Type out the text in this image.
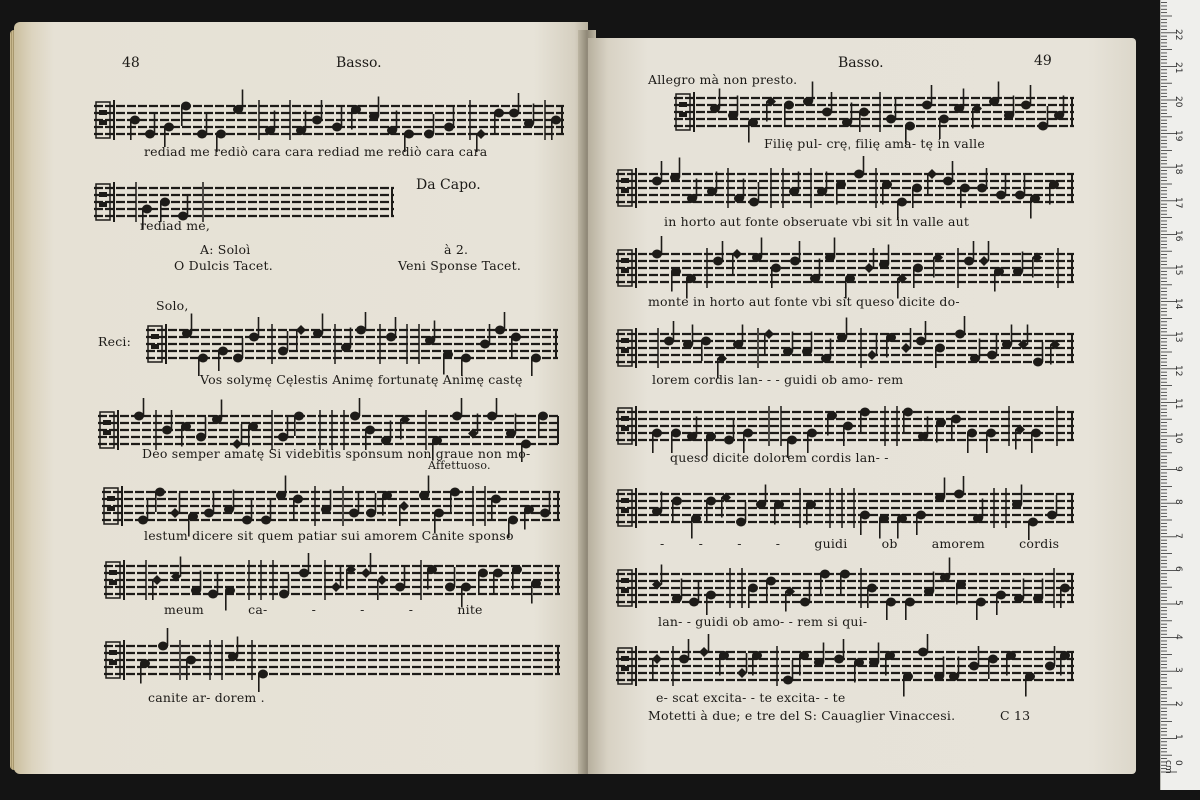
48	Basso.
rediad me rediò cara cara rediad me rediò cara cara
Da Capo.
rediad me,
A: Soloì	à 2.
O Dulcis Tacet.	Veni Sponse Tacet.
Solo,
Reci:
Vos solymę Cęlestis Animę fortunatę Animę castę
Deo semper amatę Si videbitis sponsum non graue non mo-
Affettuoso.
lestum dicere sit quem patiar sui amorem Canite sponso
meum ca- - - - nite
canite ar- dorem .
Basso.	49
Allegro mà non presto.
Filię pul- cręˌ filię ama- tę in valle
in horto aut fonte obseruate vbi sit in valle aut
monte in horto aut fonte vbi sit queso dicite do-
lorem cordis lan- - - guidi ob amo- rem
queso dicite dolorem cordis lan- -
- - - - guidi ob amorem cordis
lan- - guidi ob amo- - rem si qui-
e- scat excita- - te excita- - te
Motetti à due; e tre del S: Cauaglier Vinaccesi.	C 13
1
2
3
4
5
6
7
8
9
10
11
12
13
14
15
16
17
18
19
20
21
22
0 cm
